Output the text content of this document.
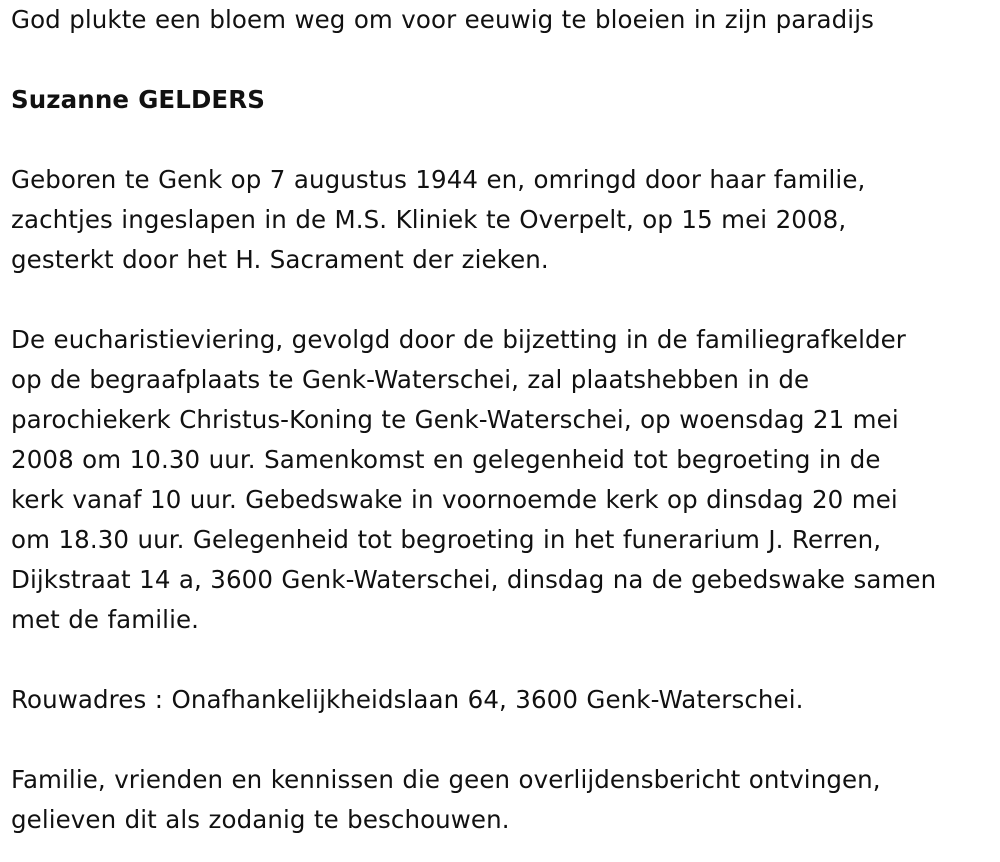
God plukte een bloem weg om voor eeuwig te bloeien in zijn paradijs
Suzanne GELDERS
Geboren te Genk op 7 augustus 1944 en, omringd door haar familie,
zachtjes ingeslapen in de M.S. Kliniek te Overpelt, op 15 mei 2008,
gesterkt door het H. Sacrament der zieken.
De eucharistieviering, gevolgd door de bijzetting in de familiegrafkelder
op de begraafplaats te Genk-Waterschei, zal plaatshebben in de
parochiekerk Christus-Koning te Genk-Waterschei, op woensdag 21 mei
2008 om 10.30 uur. Samenkomst en gelegenheid tot begroeting in de
kerk vanaf 10 uur. Gebedswake in voornoemde kerk op dinsdag 20 mei
om 18.30 uur. Gelegenheid tot begroeting in het funerarium J. Rerren,
Dijkstraat 14 a, 3600 Genk-Waterschei, dinsdag na de gebedswake samen
met de familie.
Rouwadres : Onafhankelijkheidslaan 64, 3600 Genk-Waterschei.
Familie, vrienden en kennissen die geen overlijdensbericht ontvingen,
gelieven dit als zodanig te beschouwen.
